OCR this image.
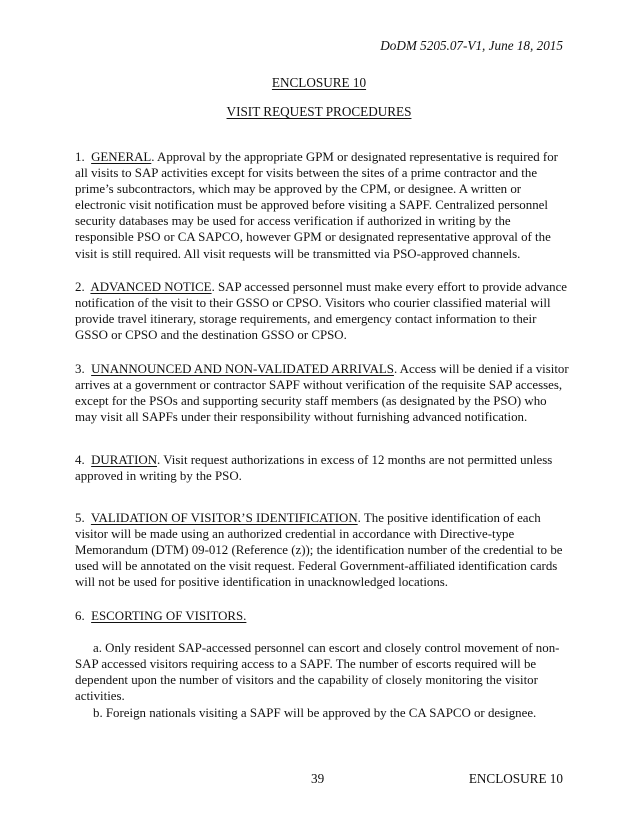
DoDM 5205.07-V1, June 18, 2015
ENCLOSURE 10
VISIT REQUEST PROCEDURES

1. GENERAL. Approval by the appropriate GPM or designated representative is required for all visits to SAP activities except for visits between the sites of a prime contractor and the prime’s subcontractors, which may be approved by the CPM, or designee. A written or electronic visit notification must be approved before visiting a SAPF. Centralized personnel security databases may be used for access verification if authorized in writing by the responsible PSO or CA SAPCO, however GPM or designated representative approval of the visit is still required. All visit requests will be transmitted via PSO-approved channels.

2. ADVANCED NOTICE. SAP accessed personnel must make every effort to provide advance notification of the visit to their GSSO or CPSO. Visitors who courier classified material will provide travel itinerary, storage requirements, and emergency contact information to their GSSO or CPSO and the destination GSSO or CPSO.

3. UNANNOUNCED AND NON-VALIDATED ARRIVALS. Access will be denied if a visitor arrives at a government or contractor SAPF without verification of the requisite SAP accesses, except for the PSOs and supporting security staff members (as designated by the PSO) who may visit all SAPFs under their responsibility without furnishing advanced notification.

4. DURATION. Visit request authorizations in excess of 12 months are not permitted unless approved in writing by the PSO.

5. VALIDATION OF VISITOR’S IDENTIFICATION. The positive identification of each visitor will be made using an authorized credential in accordance with Directive-type Memorandum (DTM) 09-012 (Reference (z)); the identification number of the credential to be used will be annotated on the visit request. Federal Government-affiliated identification cards will not be used for positive identification in unacknowledged locations.

6. ESCORTING OF VISITORS.

a. Only resident SAP-accessed personnel can escort and closely control movement of non-SAP accessed visitors requiring access to a SAPF. The number of escorts required will be dependent upon the number of visitors and the capability of closely monitoring the visitor activities.

b. Foreign nationals visiting a SAPF will be approved by the CA SAPCO or designee.

39	ENCLOSURE 10
